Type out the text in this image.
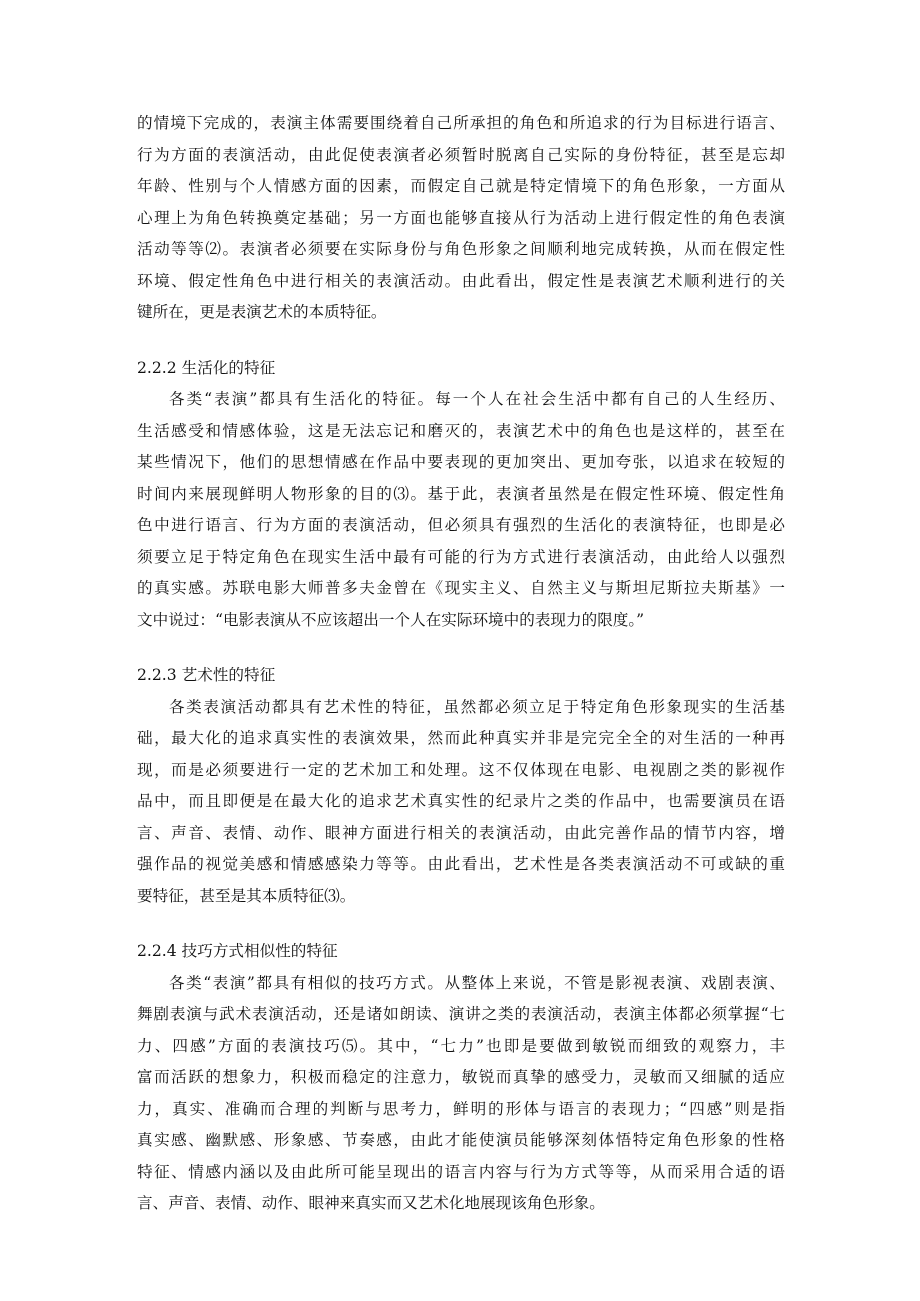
的情境下完成的，表演主体需要围绕着自己所承担的角色和所追求的行为目标进行语言、
行为方面的表演活动，由此促使表演者必须暂时脱离自己实际的身份特征，甚至是忘却
年龄、性别与个人情感方面的因素，而假定自己就是特定情境下的角色形象，一方面从
心理上为角色转换奠定基础；另一方面也能够直接从行为活动上进行假定性的角色表演
活动等等⑵。表演者必须要在实际身份与角色形象之间顺利地完成转换，从而在假定性
环境、假定性角色中进行相关的表演活动。由此看出，假定性是表演艺术顺利进行的关
键所在，更是表演艺术的本质特征。
2.2.2 生活化的特征
各类“表演”都具有生活化的特征。每一个人在社会生活中都有自己的人生经历、
生活感受和情感体验，这是无法忘记和磨灭的，表演艺术中的角色也是这样的，甚至在
某些情况下，他们的思想情感在作品中要表现的更加突出、更加夸张，以追求在较短的
时间内来展现鲜明人物形象的目的⑶。基于此，表演者虽然是在假定性环境、假定性角
色中进行语言、行为方面的表演活动，但必须具有强烈的生活化的表演特征，也即是必
须要立足于特定角色在现实生活中最有可能的行为方式进行表演活动，由此给人以强烈
的真实感。苏联电影大师普多夫金曾在《现实主义、自然主义与斯坦尼斯拉夫斯基》一
文中说过：“电影表演从不应该超出一个人在实际环境中的表现力的限度。”
2.2.3 艺术性的特征
各类表演活动都具有艺术性的特征，虽然都必须立足于特定角色形象现实的生活基
础，最大化的追求真实性的表演效果，然而此种真实并非是完完全全的对生活的一种再
现，而是必须要进行一定的艺术加工和处理。这不仅体现在电影、电视剧之类的影视作
品中，而且即便是在最大化的追求艺术真实性的纪录片之类的作品中，也需要演员在语
言、声音、表情、动作、眼神方面进行相关的表演活动，由此完善作品的情节内容，增
强作品的视觉美感和情感感染力等等。由此看出，艺术性是各类表演活动不可或缺的重
要特征，甚至是其本质特征⑶。
2.2.4 技巧方式相似性的特征
各类“表演”都具有相似的技巧方式。从整体上来说，不管是影视表演、戏剧表演、
舞剧表演与武术表演活动，还是诸如朗读、演讲之类的表演活动，表演主体都必须掌握“七
力、四感”方面的表演技巧⑸。其中，“七力”也即是要做到敏锐而细致的观察力，丰
富而活跃的想象力，积极而稳定的注意力，敏锐而真挚的感受力，灵敏而又细腻的适应
力，真实、准确而合理的判断与思考力，鲜明的形体与语言的表现力；“四感”则是指
真实感、幽默感、形象感、节奏感，由此才能使演员能够深刻体悟特定角色形象的性格
特征、情感内涵以及由此所可能呈现出的语言内容与行为方式等等，从而采用合适的语
言、声音、表情、动作、眼神来真实而又艺术化地展现该角色形象。
